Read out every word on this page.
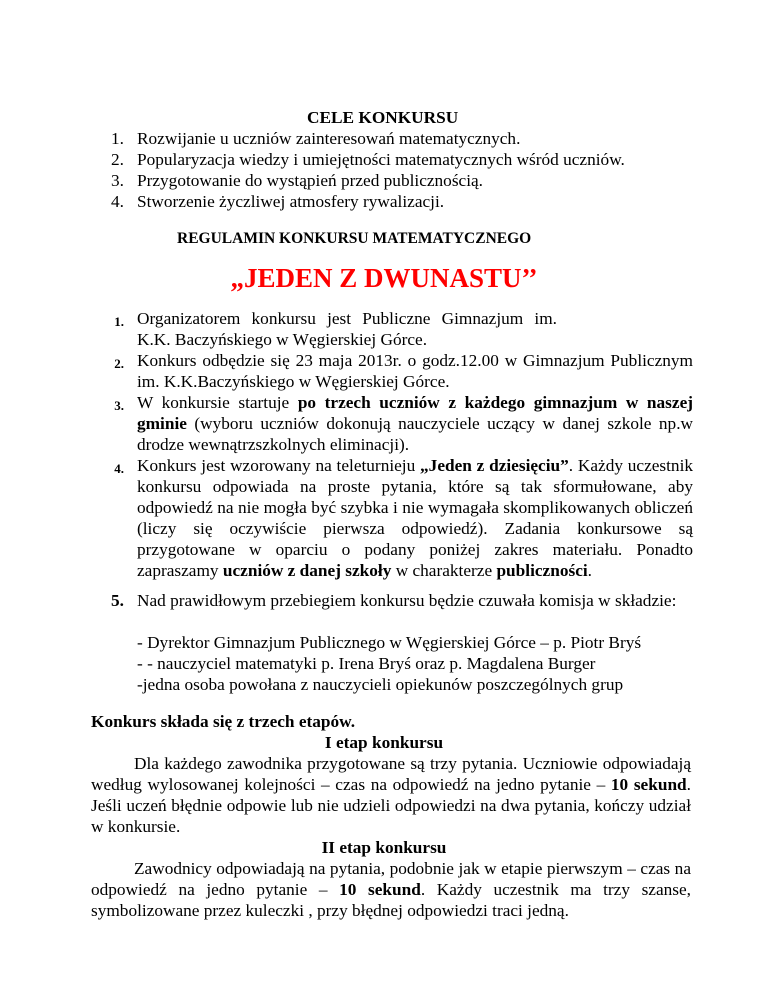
CELE KONKURSU
1. Rozwijanie u uczniów zainteresowań matematycznych.
2. Popularyzacja wiedzy i umiejętności matematycznych wśród uczniów.
3. Przygotowanie do wystąpień przed publicznością.
4. Stworzenie życzliwej atmosfery rywalizacji.
REGULAMIN KONKURSU MATEMATYCZNEGO
„JEDEN Z DWUNASTU’’
1. Organizatorem konkursu jest Publiczne Gimnazjum im. K.K. Baczyńskiego w Węgierskiej Górce.
2. Konkurs odbędzie się 23 maja 2013r. o godz.12.00 w Gimnazjum Publicznym im. K.K.Baczyńskiego w Węgierskiej Górce.
3. W konkursie startuje po trzech uczniów z każdego gimnazjum w naszej gminie (wyboru uczniów dokonują nauczyciele uczący w danej szkole np.w drodze wewnątrzszkolnych eliminacji).
4. Konkurs jest wzorowany na teleturnieju „Jeden z dziesięciu”. Każdy uczestnik konkursu odpowiada na proste pytania, które są tak sformułowane, aby odpowiedź na nie mogła być szybka i nie wymagała skomplikowanych obliczeń (liczy się oczywiście pierwsza odpowiedź). Zadania konkursowe są przygotowane w oparciu o podany poniżej zakres materiału. Ponadto zapraszamy uczniów z danej szkoły w charakterze publiczności.
5. Nad prawidłowym przebiegiem konkursu będzie czuwała komisja w składzie:
- Dyrektor Gimnazjum Publicznego w Węgierskiej Górce – p. Piotr Bryś
- - nauczyciel matematyki p. Irena Bryś oraz p. Magdalena Burger
-jedna osoba powołana z nauczycieli opiekunów poszczególnych grup
Konkurs składa się z trzech etapów.
I etap konkursu
Dla każdego zawodnika przygotowane są trzy pytania. Uczniowie odpowiadają według wylosowanej kolejności – czas na odpowiedź na jedno pytanie – 10 sekund. Jeśli uczeń błędnie odpowie lub nie udzieli odpowiedzi na dwa pytania, kończy udział w konkursie.
II etap konkursu
Zawodnicy odpowiadają na pytania, podobnie jak w etapie pierwszym – czas na odpowiedź na jedno pytanie – 10 sekund. Każdy uczestnik ma trzy szanse, symbolizowane przez kuleczki , przy błędnej odpowiedzi traci jedną.
